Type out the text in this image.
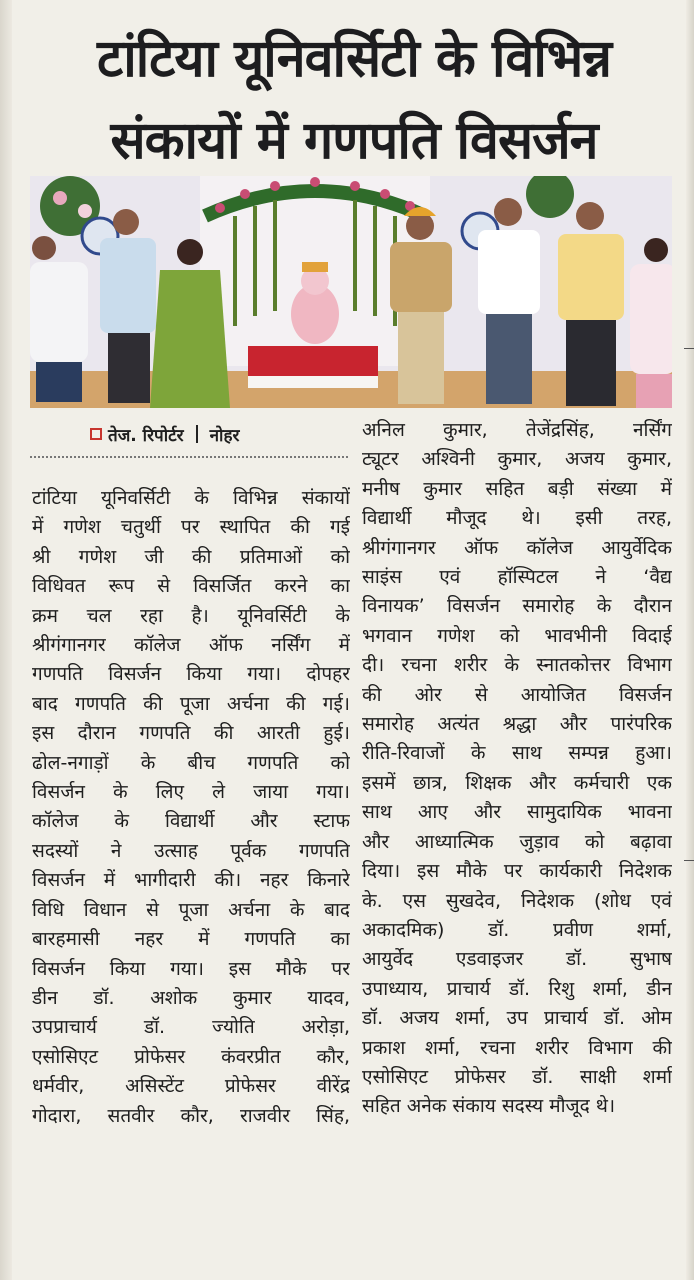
टांटिया यूनिवर्सिटी के विभिन्न
संकायों में गणपति विसर्जन
तेज. रिपोर्टर नोहर
टांटिया यूनिवर्सिटी के विभिन्न संकायों
में गणेश चतुर्थी पर स्थापित की गई
श्री गणेश जी की प्रतिमाओं को
विधिवत रूप से विसर्जित करने का
क्रम चल रहा है। यूनिवर्सिटी के
श्रीगंगानगर कॉलेज ऑफ नर्सिंग में
गणपति विसर्जन किया गया। दोपहर
बाद गणपति की पूजा अर्चना की गई।
इस दौरान गणपति की आरती हुई।
ढोल-नगाड़ों के बीच गणपति को
विसर्जन के लिए ले जाया गया।
कॉलेज के विद्यार्थी और स्टाफ
सदस्यों ने उत्साह पूर्वक गणपति
विसर्जन में भागीदारी की। नहर किनारे
विधि विधान से पूजा अर्चना के बाद
बारहमासी नहर में गणपति का
विसर्जन किया गया। इस मौके पर
डीन डॉ. अशोक कुमार यादव,
उपप्राचार्य डॉ. ज्योति अरोड़ा,
एसोसिएट प्रोफेसर कंवरप्रीत कौर,
धर्मवीर, असिस्टेंट प्रोफेसर वीरेंद्र
गोदारा, सतवीर कौर, राजवीर सिंह,
अनिल कुमार, तेजेंद्रसिंह, नर्सिंग
ट्यूटर अश्विनी कुमार, अजय कुमार,
मनीष कुमार सहित बड़ी संख्या में
विद्यार्थी मौजूद थे। इसी तरह,
श्रीगंगानगर ऑफ कॉलेज आयुर्वेदिक
साइंस एवं हॉस्पिटल ने ‘वैद्य
विनायक’ विसर्जन समारोह के दौरान
भगवान गणेश को भावभीनी विदाई
दी। रचना शरीर के स्नातकोत्तर विभाग
की ओर से आयोजित विसर्जन
समारोह अत्यंत श्रद्धा और पारंपरिक
रीति-रिवाजों के साथ सम्पन्न हुआ।
इसमें छात्र, शिक्षक और कर्मचारी एक
साथ आए और सामुदायिक भावना
और आध्यात्मिक जुड़ाव को बढ़ावा
दिया। इस मौके पर कार्यकारी निदेशक
के. एस सुखदेव, निदेशक (शोध एवं
अकादमिक) डॉ. प्रवीण शर्मा,
आयुर्वेद एडवाइजर डॉ. सुभाष
उपाध्याय, प्राचार्य डॉ. रिशु शर्मा, डीन
डॉ. अजय शर्मा, उप प्राचार्य डॉ. ओम
प्रकाश शर्मा, रचना शरीर विभाग की
एसोसिएट प्रोफेसर डॉ. साक्षी शर्मा
सहित अनेक संकाय सदस्य मौजूद थे।
